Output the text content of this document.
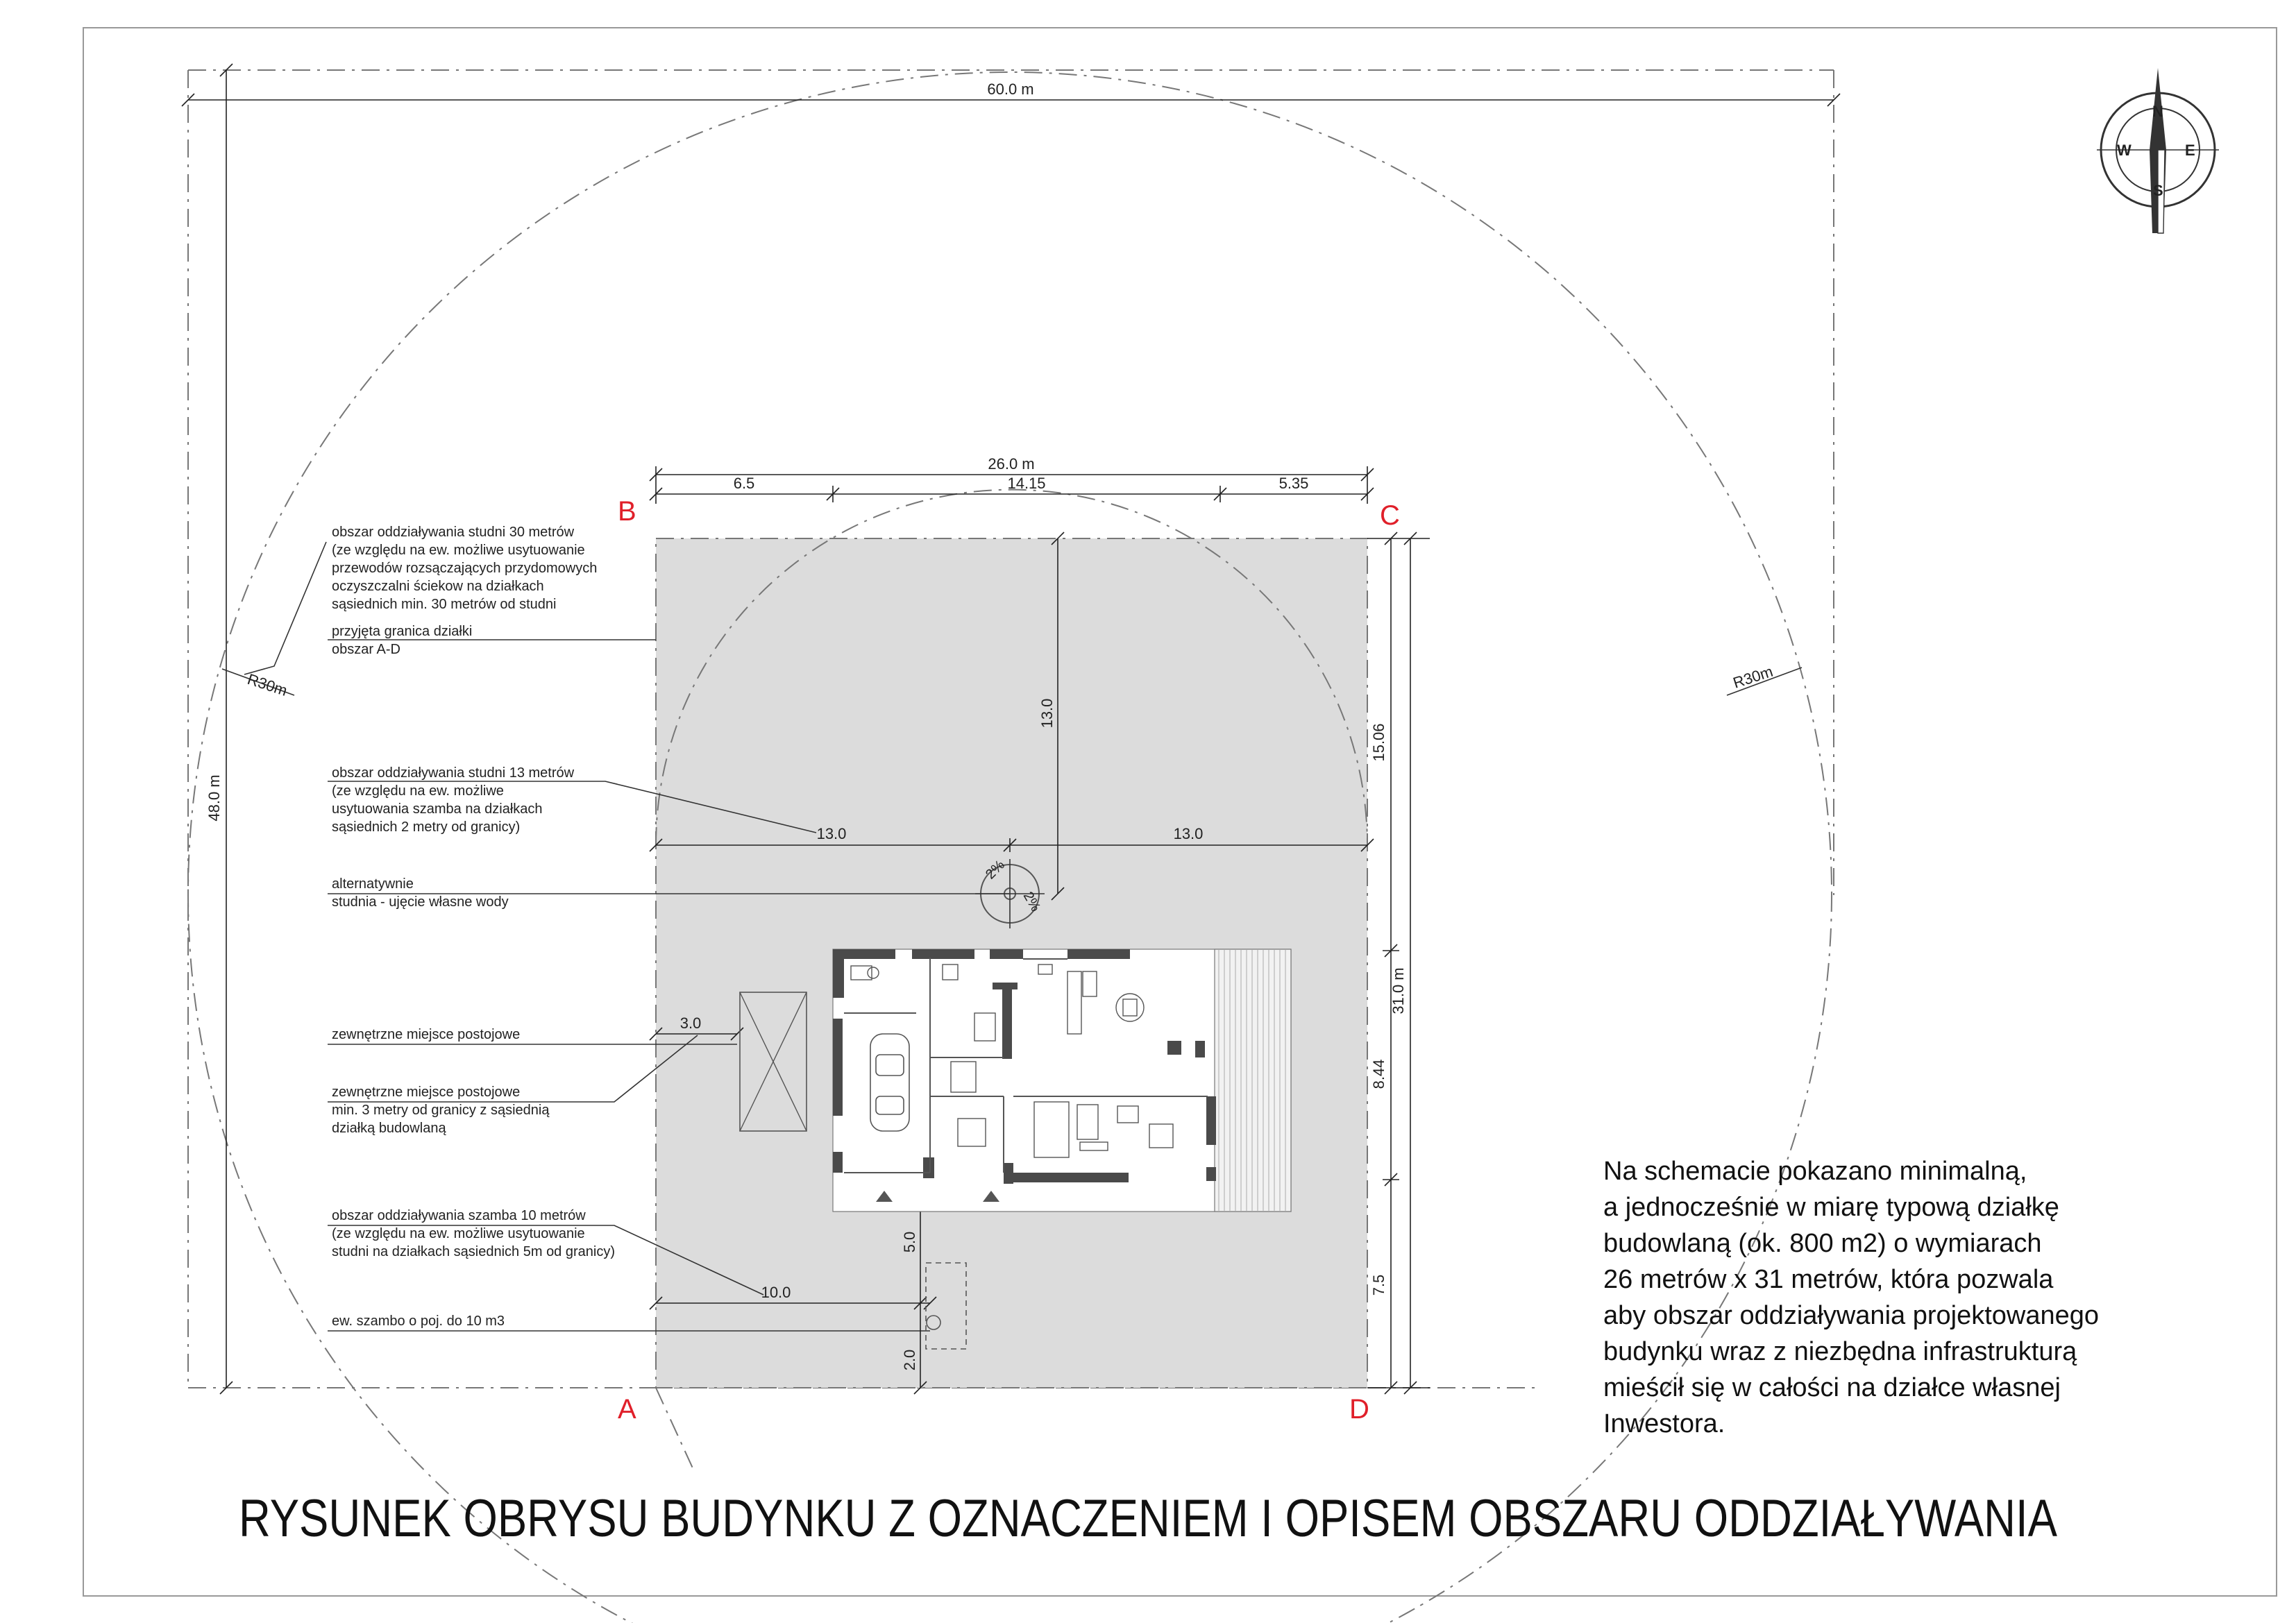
60.0 m
48.0 m
R30m	R30m
26.0 m
6.5	14.15	5.35
31.0 m
15.06
8.44
7.5
13.0	13.0
13.0
2%
2%
B	C
A	D
obszar oddziaływania studni 30 metrów
(ze względu na ew. możliwe usytuowanie
przewodów rozsączających przydomowych
oczyszczalni ściekow na działkach
sąsiednich min. 30 metrów od studni
przyjęta granica działki
obszar A-D
obszar oddziaływania studni 13 metrów
(ze względu na ew. możliwe
usytuowania szamba na działkach
sąsiednich 2 metry od granicy)
alternatywnie
studnia - ujęcie własne wody
zewnętrzne miejsce postojowe
zewnętrzne miejsce postojowe
min. 3 metry od granicy z sąsiednią
działką budowlaną
obszar oddziaływania szamba 10 metrów
(ze względu na ew. możliwe usytuowanie
studni na działkach sąsiednich 5m od granicy)
ew. szambo o poj. do 10 m3
3.0
10.0
5.0
2.0
N
S
W	E
Na schemacie pokazano minimalną,
a jednocześnie w miarę typową działkę
budowlaną (ok. 800 m2) o wymiarach
26 metrów x 31 metrów, która pozwala
aby obszar oddziaływania projektowanego
budynku wraz z niezbędna infrastrukturą
mieścił się w całości na działce własnej
Inwestora.
RYSUNEK OBRYSU BUDYNKU Z OZNACZENIEM I OPISEM OBSZARU ODDZIAŁYWANIA
